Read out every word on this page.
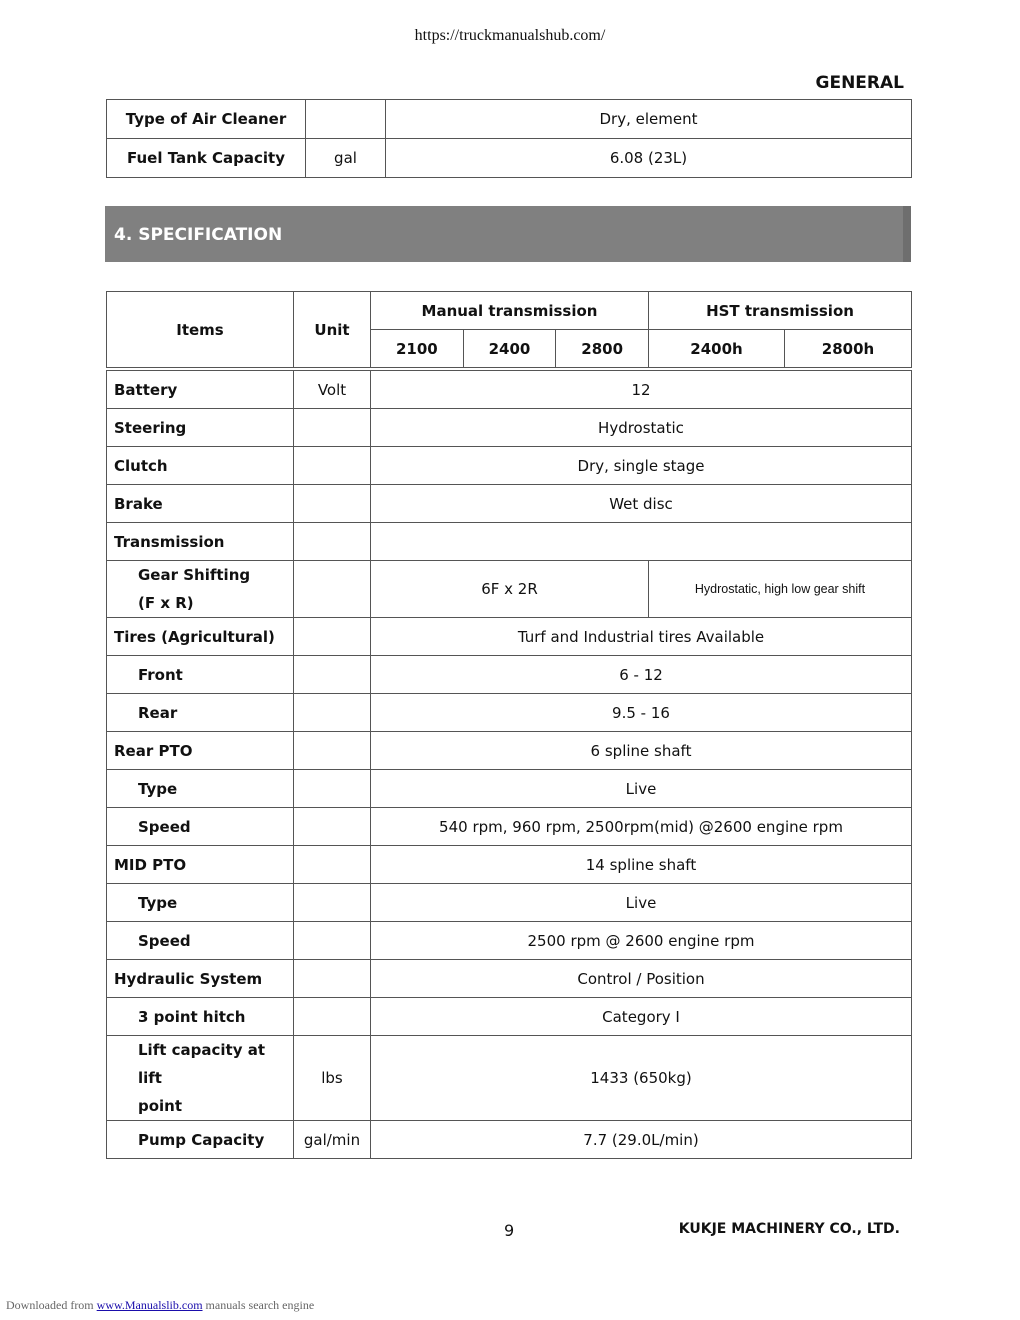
https://truckmanualshub.com/
GENERAL
Type of Air Cleaner		Dry, element
Fuel Tank Capacity	gal	6.08 (23L)
4. SPECIFICATION
Items	Unit	Manual transmission			HST transmission	
		2100	2400	2800	2400h	2800h

Battery	Volt	12				
Steering		Hydrostatic				
Clutch		Dry, single stage				
Brake		Wet disc				
Transmission						
Gear Shifting
(F x R)		6F x 2R			Hydrostatic, high low gear shift	
Tires (Agricultural)		Turf and Industrial tires Available				
Front		6 - 12				
Rear		9.5 - 16				
Rear PTO		6 spline shaft				
Type		Live				
Speed		540 rpm, 960 rpm, 2500rpm(mid) @2600 engine rpm				
MID PTO		14 spline shaft				
Type		Live				
Speed		2500 rpm @ 2600 engine rpm				
Hydraulic System		Control / Position				
3 point hitch		Category I				
Lift capacity at lift
point	lbs	1433 (650kg)				
Pump Capacity	gal/min	7.7 (29.0L/min)				
9	KUKJE MACHINERY CO., LTD.
Downloaded from www.Manualslib.com manuals search engine
